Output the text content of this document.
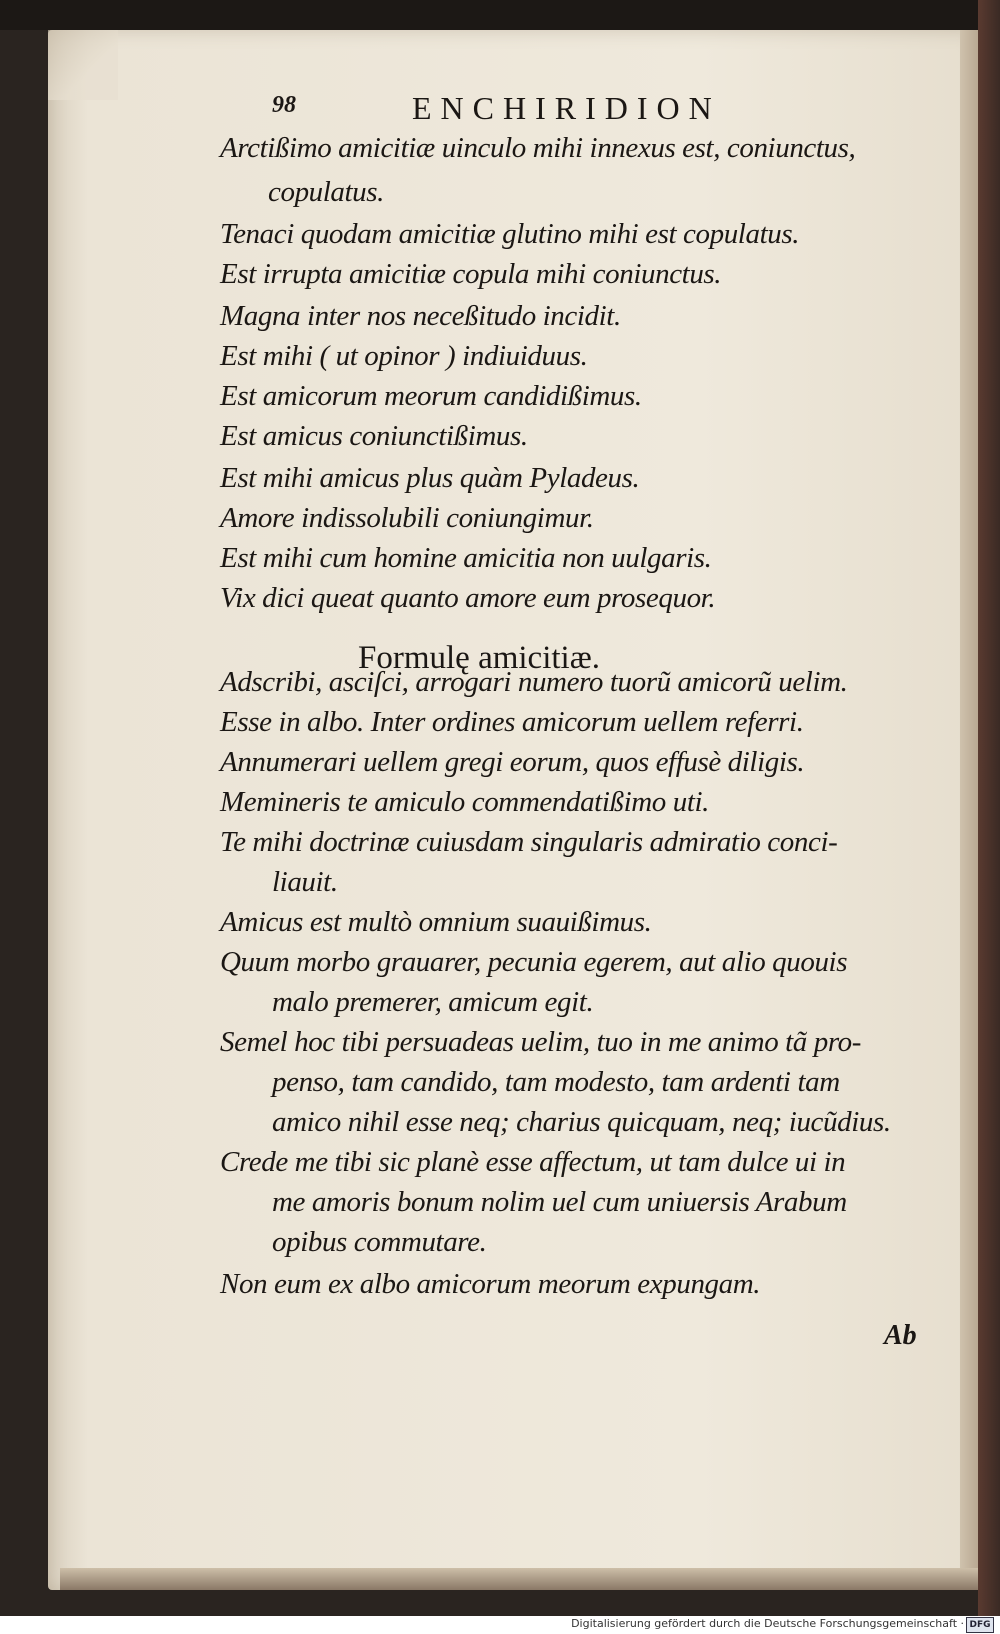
98	ENCHIRIDION
Arctißimo amicitiæ uinculo mihi innexus est, coniunctus,
copulatus.
Tenaci quodam amicitiæ glutino mihi est copulatus.
Est irrupta amicitiæ copula mihi coniunctus.
Magna inter nos neceßitudo incidit.
Est mihi ( ut opinor ) indiuiduus.
Est amicorum meorum candidißimus.
Est amicus coniunctißimus.
Est mihi amicus plus quàm Pyladeus.
Amore indissolubili coniungimur.
Est mihi cum homine amicitia non uulgaris.
Vix dici queat quanto amore eum prosequor.
Adscribi, asciſci, arrogari numero tuorũ amicorũ uelim.
Esse in albo. Inter ordines amicorum uellem referri.
Annumerari uellem gregi eorum, quos effusè diligis.
Memineris te amiculo commendatißimo uti.
Te mihi doctrinæ cuiusdam singularis admiratio conci-
liauit.
Amicus est multò omnium suauißimus.
Quum morbo grauarer, pecunia egerem, aut alio quouis
malo premerer, amicum egit.
Semel hoc tibi persuadeas uelim, tuo in me animo tã pro-
penso, tam candido, tam modesto, tam ardenti tam
amico nihil esse neq; charius quicquam, neq; iucũdius.
Crede me tibi sic planè esse affectum, ut tam dulce ui in
me amoris bonum nolim uel cum uniuersis Arabum
opibus commutare.
Non eum ex albo amicorum meorum expungam.
Formulę amicitiæ.
Ab
Digitalisierung gefördert durch die Deutsche Forschungsgemeinschaft · DFG
